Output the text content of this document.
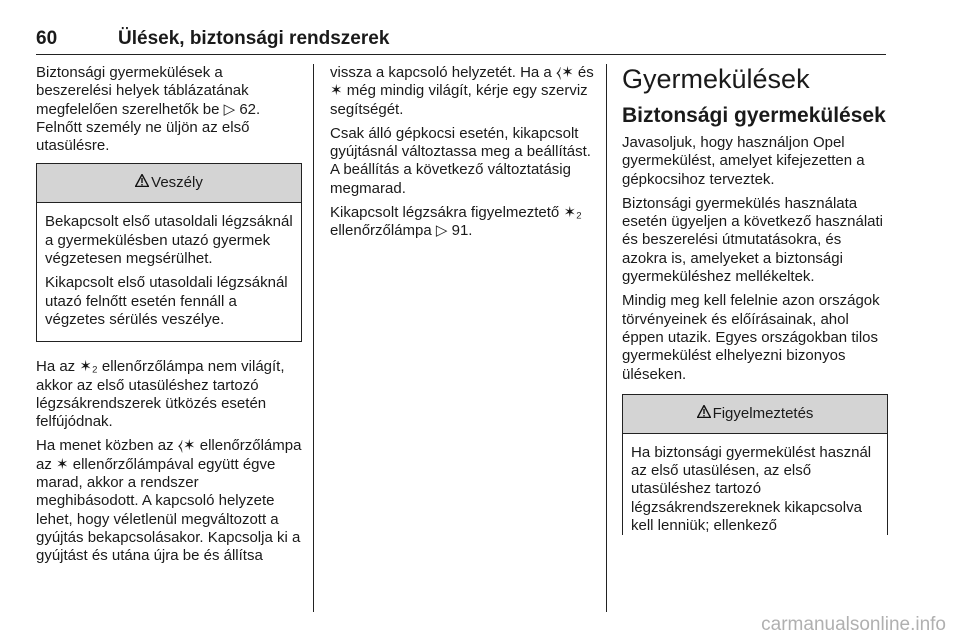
60	Ülések, biztonsági rendszerek

Biztonsági gyermekülések a beszerelési helyek táblázatának megfelelően szerelhetők be ▷ 62. Felnőtt személy ne üljön az első utasülésre.

Veszély

Bekapcsolt első utasoldali légzsáknál a gyermekülésben utazó gyermek végzetesen megsérülhet.

Kikapcsolt első utasoldali légzsáknál utazó felnőtt esetén fennáll a végzetes sérülés veszélye.

Ha az ✶₂ ellenőrzőlámpa nem világít, akkor az első utasüléshez tartozó légzsákrendszerek ütközés esetén felfújódnak.

Ha menet közben az ⧼✶ ellenőrzőlámpa az ✶ ellenőrzőlámpával együtt égve marad, akkor a rendszer meghibásodott. A kapcsoló helyzete lehet, hogy véletlenül megváltozott a gyújtás bekapcsolásakor. Kapcsolja ki a gyújtást és utána újra be és állítsa

vissza a kapcsoló helyzetét. Ha a ⧼✶ és ✶ még mindig világít, kérje egy szerviz segítségét.

Csak álló gépkocsi esetén, kikapcsolt gyújtásnál változtassa meg a beállítást. A beállítás a következő változtatásig megmarad.

Kikapcsolt légzsákra figyelmeztető ✶₂ ellenőrzőlámpa ▷ 91.

Gyermekülések
Biztonsági gyermekülések

Javasoljuk, hogy használjon Opel gyermekülést, amelyet kifejezetten a gépkocsihoz terveztek.

Biztonsági gyermekülés használata esetén ügyeljen a következő használati és beszerelési útmutatásokra, és azokra is, amelyeket a biztonsági gyermeküléshez mellékeltek.

Mindig meg kell felelnie azon országok törvényeinek és előírásainak, ahol éppen utazik. Egyes országokban tilos gyermekülést elhelyezni bizonyos üléseken.

Figyelmeztetés

Ha biztonsági gyermekülést használ az első utasülésen, az első utasüléshez tartozó légzsákrendszereknek kikapcsolva kell lenniük; ellenkező

carmanualsonline.info
